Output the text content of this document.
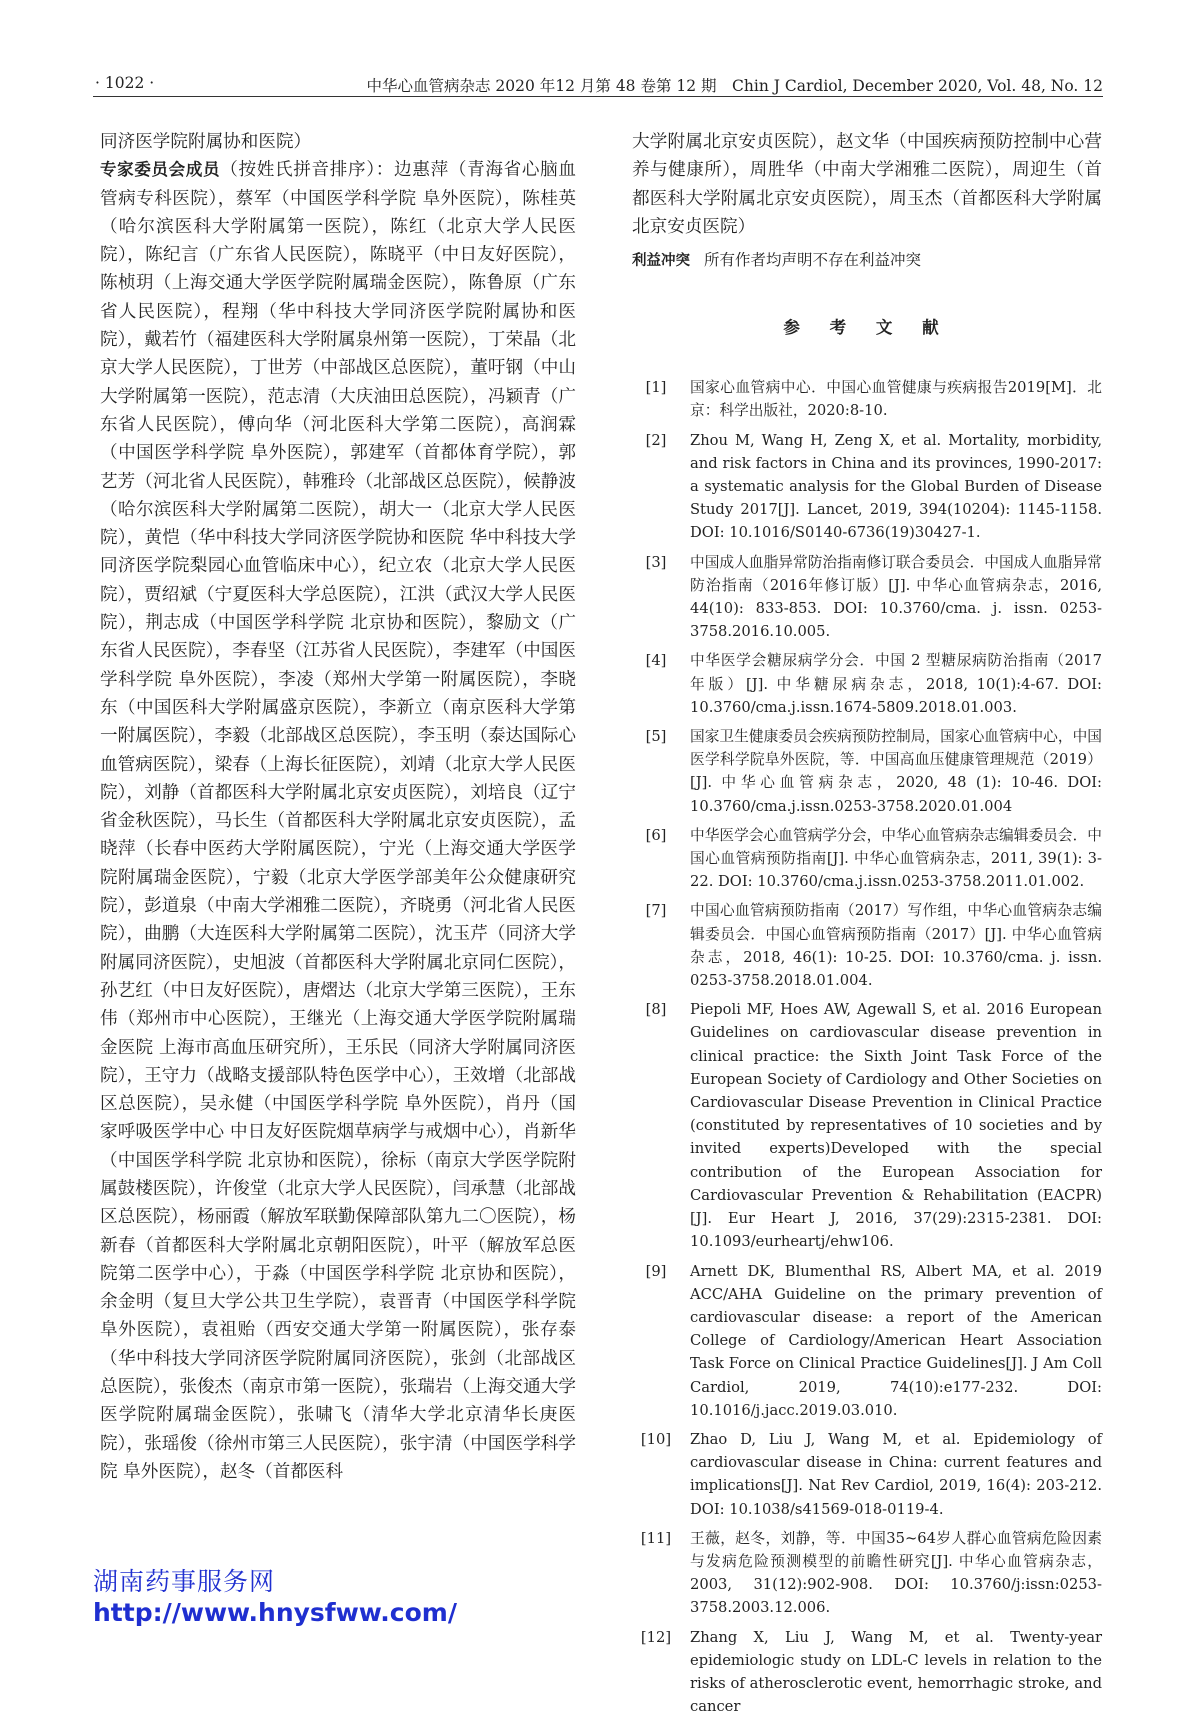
· 1022 ·	中华心血管病杂志 2020 年12 月第 48 卷第 12 期　Chin J Cardiol, December 2020, Vol. 48, No. 12

同济医学院附属协和医院）

专家委员会成员（按姓氏拼音排序）：边惠萍（青海省心脑血管病专科医院），蔡军（中国医学科学院 阜外医院），陈桂英（哈尔滨医科大学附属第一医院），陈红（北京大学人民医院），陈纪言（广东省人民医院），陈晓平（中日友好医院），陈桢玥（上海交通大学医学院附属瑞金医院），陈鲁原（广东省人民医院），程翔（华中科技大学同济医学院附属协和医院），戴若竹（福建医科大学附属泉州第一医院），丁荣晶（北京大学人民医院），丁世芳（中部战区总医院），董吁钢（中山大学附属第一医院），范志清（大庆油田总医院），冯颖青（广东省人民医院），傅向华（河北医科大学第二医院），高润霖（中国医学科学院 阜外医院），郭建军（首都体育学院），郭艺芳（河北省人民医院），韩雅玲（北部战区总医院），候静波（哈尔滨医科大学附属第二医院），胡大一（北京大学人民医院），黄恺（华中科技大学同济医学院协和医院 华中科技大学同济医学院梨园心血管临床中心），纪立农（北京大学人民医院），贾绍斌（宁夏医科大学总医院），江洪（武汉大学人民医院），荆志成（中国医学科学院 北京协和医院），黎励文（广东省人民医院），李春坚（江苏省人民医院），李建军（中国医学科学院 阜外医院），李凌（郑州大学第一附属医院），李晓东（中国医科大学附属盛京医院），李新立（南京医科大学第一附属医院），李毅（北部战区总医院），李玉明（泰达国际心血管病医院），梁春（上海长征医院），刘靖（北京大学人民医院），刘静（首都医科大学附属北京安贞医院），刘培良（辽宁省金秋医院），马长生（首都医科大学附属北京安贞医院），孟晓萍（长春中医药大学附属医院），宁光（上海交通大学医学院附属瑞金医院），宁毅（北京大学医学部美年公众健康研究院），彭道泉（中南大学湘雅二医院），齐晓勇（河北省人民医院），曲鹏（大连医科大学附属第二医院），沈玉芹（同济大学附属同济医院），史旭波（首都医科大学附属北京同仁医院），孙艺红（中日友好医院），唐熠达（北京大学第三医院），王东伟（郑州市中心医院），王继光（上海交通大学医学院附属瑞金医院 上海市高血压研究所），王乐民（同济大学附属同济医院），王守力（战略支援部队特色医学中心），王效增（北部战区总医院），吴永健（中国医学科学院 阜外医院），肖丹（国家呼吸医学中心 中日友好医院烟草病学与戒烟中心），肖新华（中国医学科学院 北京协和医院），徐标（南京大学医学院附属鼓楼医院），许俊堂（北京大学人民医院），闫承慧（北部战区总医院），杨丽霞（解放军联勤保障部队第九二〇医院），杨新春（首都医科大学附属北京朝阳医院），叶平（解放军总医院第二医学中心），于淼（中国医学科学院 北京协和医院），余金明（复旦大学公共卫生学院），袁晋青（中国医学科学院 阜外医院），袁祖贻（西安交通大学第一附属医院），张存泰（华中科技大学同济医学院附属同济医院），张剑（北部战区总医院），张俊杰（南京市第一医院），张瑞岩（上海交通大学医学院附属瑞金医院），张啸飞（清华大学北京清华长庚医院），张瑶俊（徐州市第三人民医院），张宇清（中国医学科学院 阜外医院），赵冬（首都医科

大学附属北京安贞医院），赵文华（中国疾病预防控制中心营养与健康所），周胜华（中南大学湘雅二医院），周迎生（首都医科大学附属北京安贞医院），周玉杰（首都医科大学附属北京安贞医院）

利益冲突 所有作者均声明不存在利益冲突

参 考 文 献
[1]	国家心血管病中心．中国心血管健康与疾病报告2019[M]．北京：科学出版社，2020:8-10.
[2]	Zhou M, Wang H, Zeng X, et al. Mortality, morbidity, and risk factors in China and its provinces, 1990-2017: a systematic analysis for the Global Burden of Disease Study 2017[J]. Lancet, 2019, 394(10204): 1145-1158. DOI: 10.1016/S0140-6736(19)30427-1.
[3]	中国成人血脂异常防治指南修订联合委员会．中国成人血脂异常防治指南（2016年修订版）[J]. 中华心血管病杂志，2016, 44(10): 833-853. DOI: 10.3760/cma. j. issn. 0253-3758.2016.10.005.
[4]	中华医学会糖尿病学分会．中国 2 型糖尿病防治指南（2017 年版）[J]. 中华糖尿病杂志，2018, 10(1):4-67. DOI: 10.3760/cma.j.issn.1674-5809.2018.01.003.
[5]	国家卫生健康委员会疾病预防控制局，国家心血管病中心，中国医学科学院阜外医院，等．中国高血压健康管理规范（2019）[J]. 中华心血管病杂志，2020, 48 (1): 10-46. DOI: 10.3760/cma.j.issn.0253-3758.2020.01.004
[6]	中华医学会心血管病学分会，中华心血管病杂志编辑委员会．中国心血管病预防指南[J]. 中华心血管病杂志，2011, 39(1): 3-22. DOI: 10.3760/cma.j.issn.0253-3758.2011.01.002.
[7]	中国心血管病预防指南（2017）写作组，中华心血管病杂志编辑委员会．中国心血管病预防指南（2017）[J]. 中华心血管病杂志，2018, 46(1): 10-25. DOI: 10.3760/cma. j. issn. 0253-3758.2018.01.004.
[8]	Piepoli MF, Hoes AW, Agewall S, et al. 2016 European Guidelines on cardiovascular disease prevention in clinical practice: the Sixth Joint Task Force of the European Society of Cardiology and Other Societies on Cardiovascular Disease Prevention in Clinical Practice (constituted by representatives of 10 societies and by invited experts)Developed with the special contribution of the European Association for Cardiovascular Prevention & Rehabilitation (EACPR)[J]. Eur Heart J, 2016, 37(29):2315-2381. DOI: 10.1093/eurheartj/ehw106.
[9]	Arnett DK, Blumenthal RS, Albert MA, et al. 2019 ACC/AHA Guideline on the primary prevention of cardiovascular disease: a report of the American College of Cardiology/American Heart Association Task Force on Clinical Practice Guidelines[J]. J Am Coll Cardiol, 2019, 74(10):e177-232. DOI: 10.1016/j.jacc.2019.03.010.
[10]	Zhao D, Liu J, Wang M, et al. Epidemiology of cardiovascular disease in China: current features and implications[J]. Nat Rev Cardiol, 2019, 16(4): 203-212. DOI: 10.1038/s41569-018-0119-4.
[11]	王薇，赵冬，刘静，等．中国35~64岁人群心血管病危险因素与发病危险预测模型的前瞻性研究[J]. 中华心血管病杂志，2003, 31(12):902-908. DOI: 10.3760/j:issn:0253-3758.2003.12.006.
[12]	Zhang X, Liu J, Wang M, et al. Twenty-year epidemiologic study on LDL-C levels in relation to the risks of atherosclerotic event, hemorrhagic stroke, and cancer
湖南药事服务网
http://www.hnysfww.com/
